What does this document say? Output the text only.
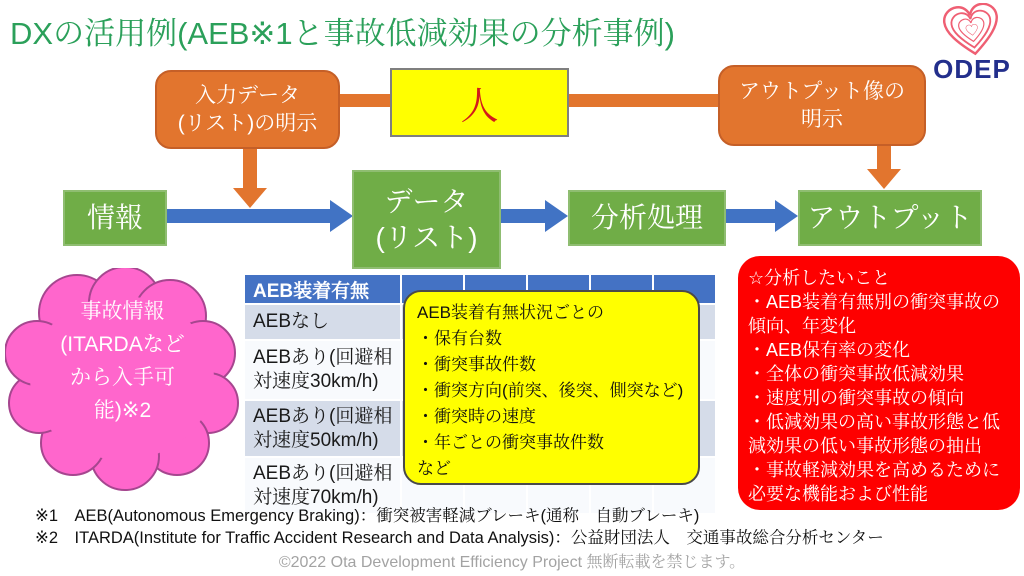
DXの活用例(AEB※1と事故低減効果の分析事例)
ODEP
入力データ
(リスト)の明示	人	アウトプット像の
明示
情報
データ
(リスト)
分析処理	アウトプット
事故情報
(ITARDAなど
から入手可
能)※2
AEB装着有無
AEBなし
AEBあり(回避相対速度30km/h)
AEBあり(回避相対速度50km/h)
AEBあり(回避相対速度70km/h)
AEB装着有無状況ごとの
・保有台数
・衝突事故件数
・衝突方向(前突、後突、側突など)
・衝突時の速度
・年ごとの衝突事故件数
など
☆分析したいこと
・AEB装着有無別の衝突事故の傾向、年変化
・AEB保有率の変化
・全体の衝突事故低減効果
・速度別の衝突事故の傾向
・低減効果の高い事故形態と低減効果の低い事故形態の抽出
・事故軽減効果を高めるために必要な機能および性能
※1　AEB(Autonomous Emergency Braking)：衝突被害軽減ブレーキ(通称　自動ブレーキ)
※2　ITARDA(Institute for Traffic Accident Research and Data Analysis)：公益財団法人　交通事故総合分析センター
©2022 Ota Development Efficiency Project 無断転載を禁じます。
